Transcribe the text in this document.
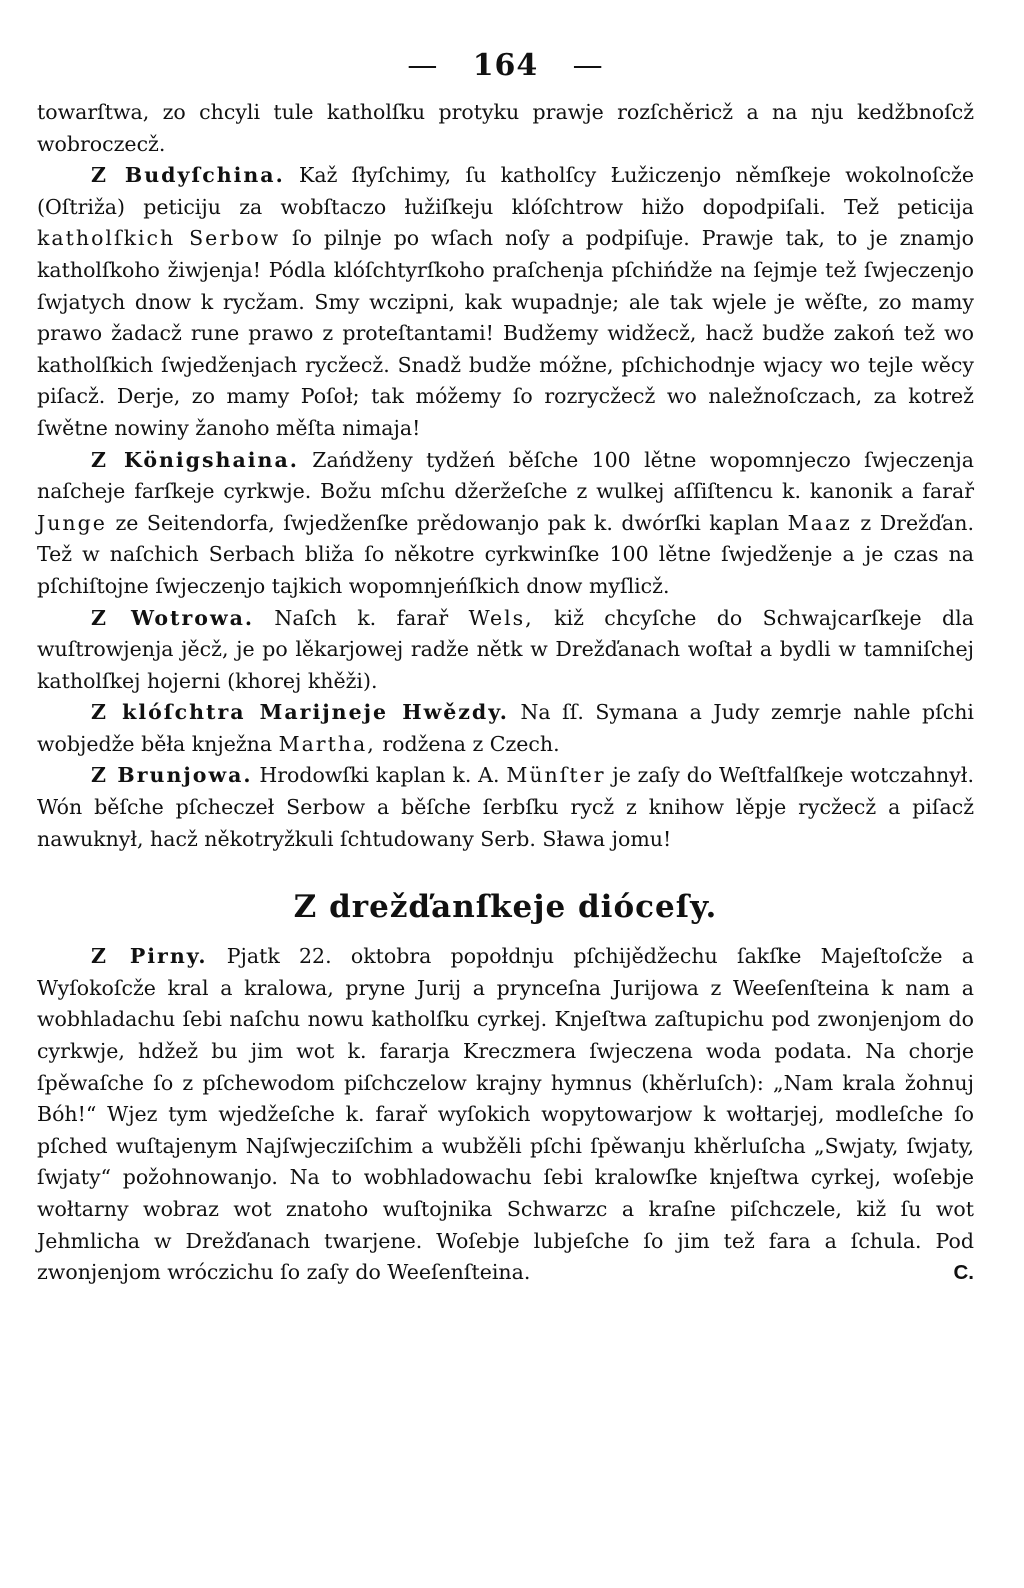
— 164 —

towarſtwa, zo chcyli tule katholſku protyku prawje rozſchěricž a na nju kedžbnoſcž wobroczecž.

Z Budyſchina. Kaž ſłyſchimy, ſu katholſcy Łužiczenjo němſkeje wokolnoſcže (Oſtriža) peticiju za wobſtaczo łužiſkeju klóſchtrow hižo dopodpiſali. Tež peticija katholſkich Serbow ſo pilnje po wſach noſy a podpiſuje. Prawje tak, to je znamjo katholſkoho žiwjenja! Pódla klóſchtyrſkoho praſchenja pſchińdže na ſejmje tež ſwjeczenjo ſwjatych dnow k rycžam. Smy wczipni, kak wupadnje; ale tak wjele je wěſte, zo mamy prawo žadacž rune prawo z proteſtantami! Budžemy widžecž, hacž budže zakoń tež wo katholſkich ſwjedženjach rycžecž. Snadž budže móžne, pſchichodnje wjacy wo tejle wěcy piſacž. Derje, zo mamy Poſoł; tak móžemy ſo rozrycžecž wo naležnoſczach, za kotrež ſwětne nowiny žanoho měſta nimaja!

Z Königshaina. Zańdženy tydžeń běſche 100 lětne wopomnjeczo ſwjeczenja naſcheje farſkeje cyrkwje. Božu mſchu džeržeſche z wulkej aſſiſtencu k. kanonik a farař Junge ze Seitendorfa, ſwjedženſke prědowanjo pak k. dwórſki kaplan Maaz z Drežďan. Tež w naſchich Serbach bliža ſo někotre cyrkwinſke 100 lětne ſwjedženje a je czas na pſchiſtojne ſwjeczenjo tajkich wopomnjeńſkich dnow myſlicž.

Z Wotrowa. Naſch k. farař Wels, kiž chcyſche do Schwajcarſkeje dla wuſtrowjenja jěcž, je po lěkarjowej radže nětk w Drežďanach woſtał a bydli w tamniſchej katholſkej hojerni (khorej khěži).

Z klóſchtra Marijneje Hwězdy. Na ſſ. Symana a Judy zemrje nahle pſchi wobjedže běła knježna Martha, rodžena z Czech.

Z Brunjowa. Hrodowſki kaplan k. A. Münſter je zaſy do Weſtfalſkeje wotczahnył. Wón běſche pſcheczeł Serbow a běſche ſerbſku rycž z knihow lěpje rycžecž a piſacž nawuknył, hacž někotryžkuli ſchtudowany Serb. Sława jomu!

Z drežďanſkeje dióceſy.

Z Pirny. Pjatk 22. oktobra popołdnju pſchijědžechu ſakſke Majeſtoſcže a Wyſokoſcže kral a kralowa, pryne Jurij a prynceſna Jurijowa z Weeſenſteina k nam a wobhladachu ſebi naſchu nowu katholſku cyrkej. Knjeſtwa zaſtupichu pod zwonjenjom do cyrkwje, hdžež bu jim wot k. fararja Kreczmera ſwjeczena woda podata. Na chorje ſpěwaſche ſo z pſchewodom piſchczelow krajny hymnus (khěrluſch): „Nam krala žohnuj Bóh!“ Wjez tym wjedžeſche k. farař wyſokich wopytowarjow k wołtarjej, modleſche ſo pſched wuſtajenym Najſwjecziſchim a wubžěli pſchi ſpěwanju khěrluſcha „Swjaty, ſwjaty, ſwjaty“ požohnowanjo. Na to wobhladowachu ſebi kralowſke knjeſtwa cyrkej, woſebje wołtarny wobraz wot znatoho wuſtojnika Schwarzc a kraſne piſchczele, kiž ſu wot Jehmlicha w Drežďanach twarjene. Woſebje lubjeſche ſo jim tež fara a ſchula. Pod zwonjenjom wróczichu ſo zaſy do Weeſenſteina.	C.
